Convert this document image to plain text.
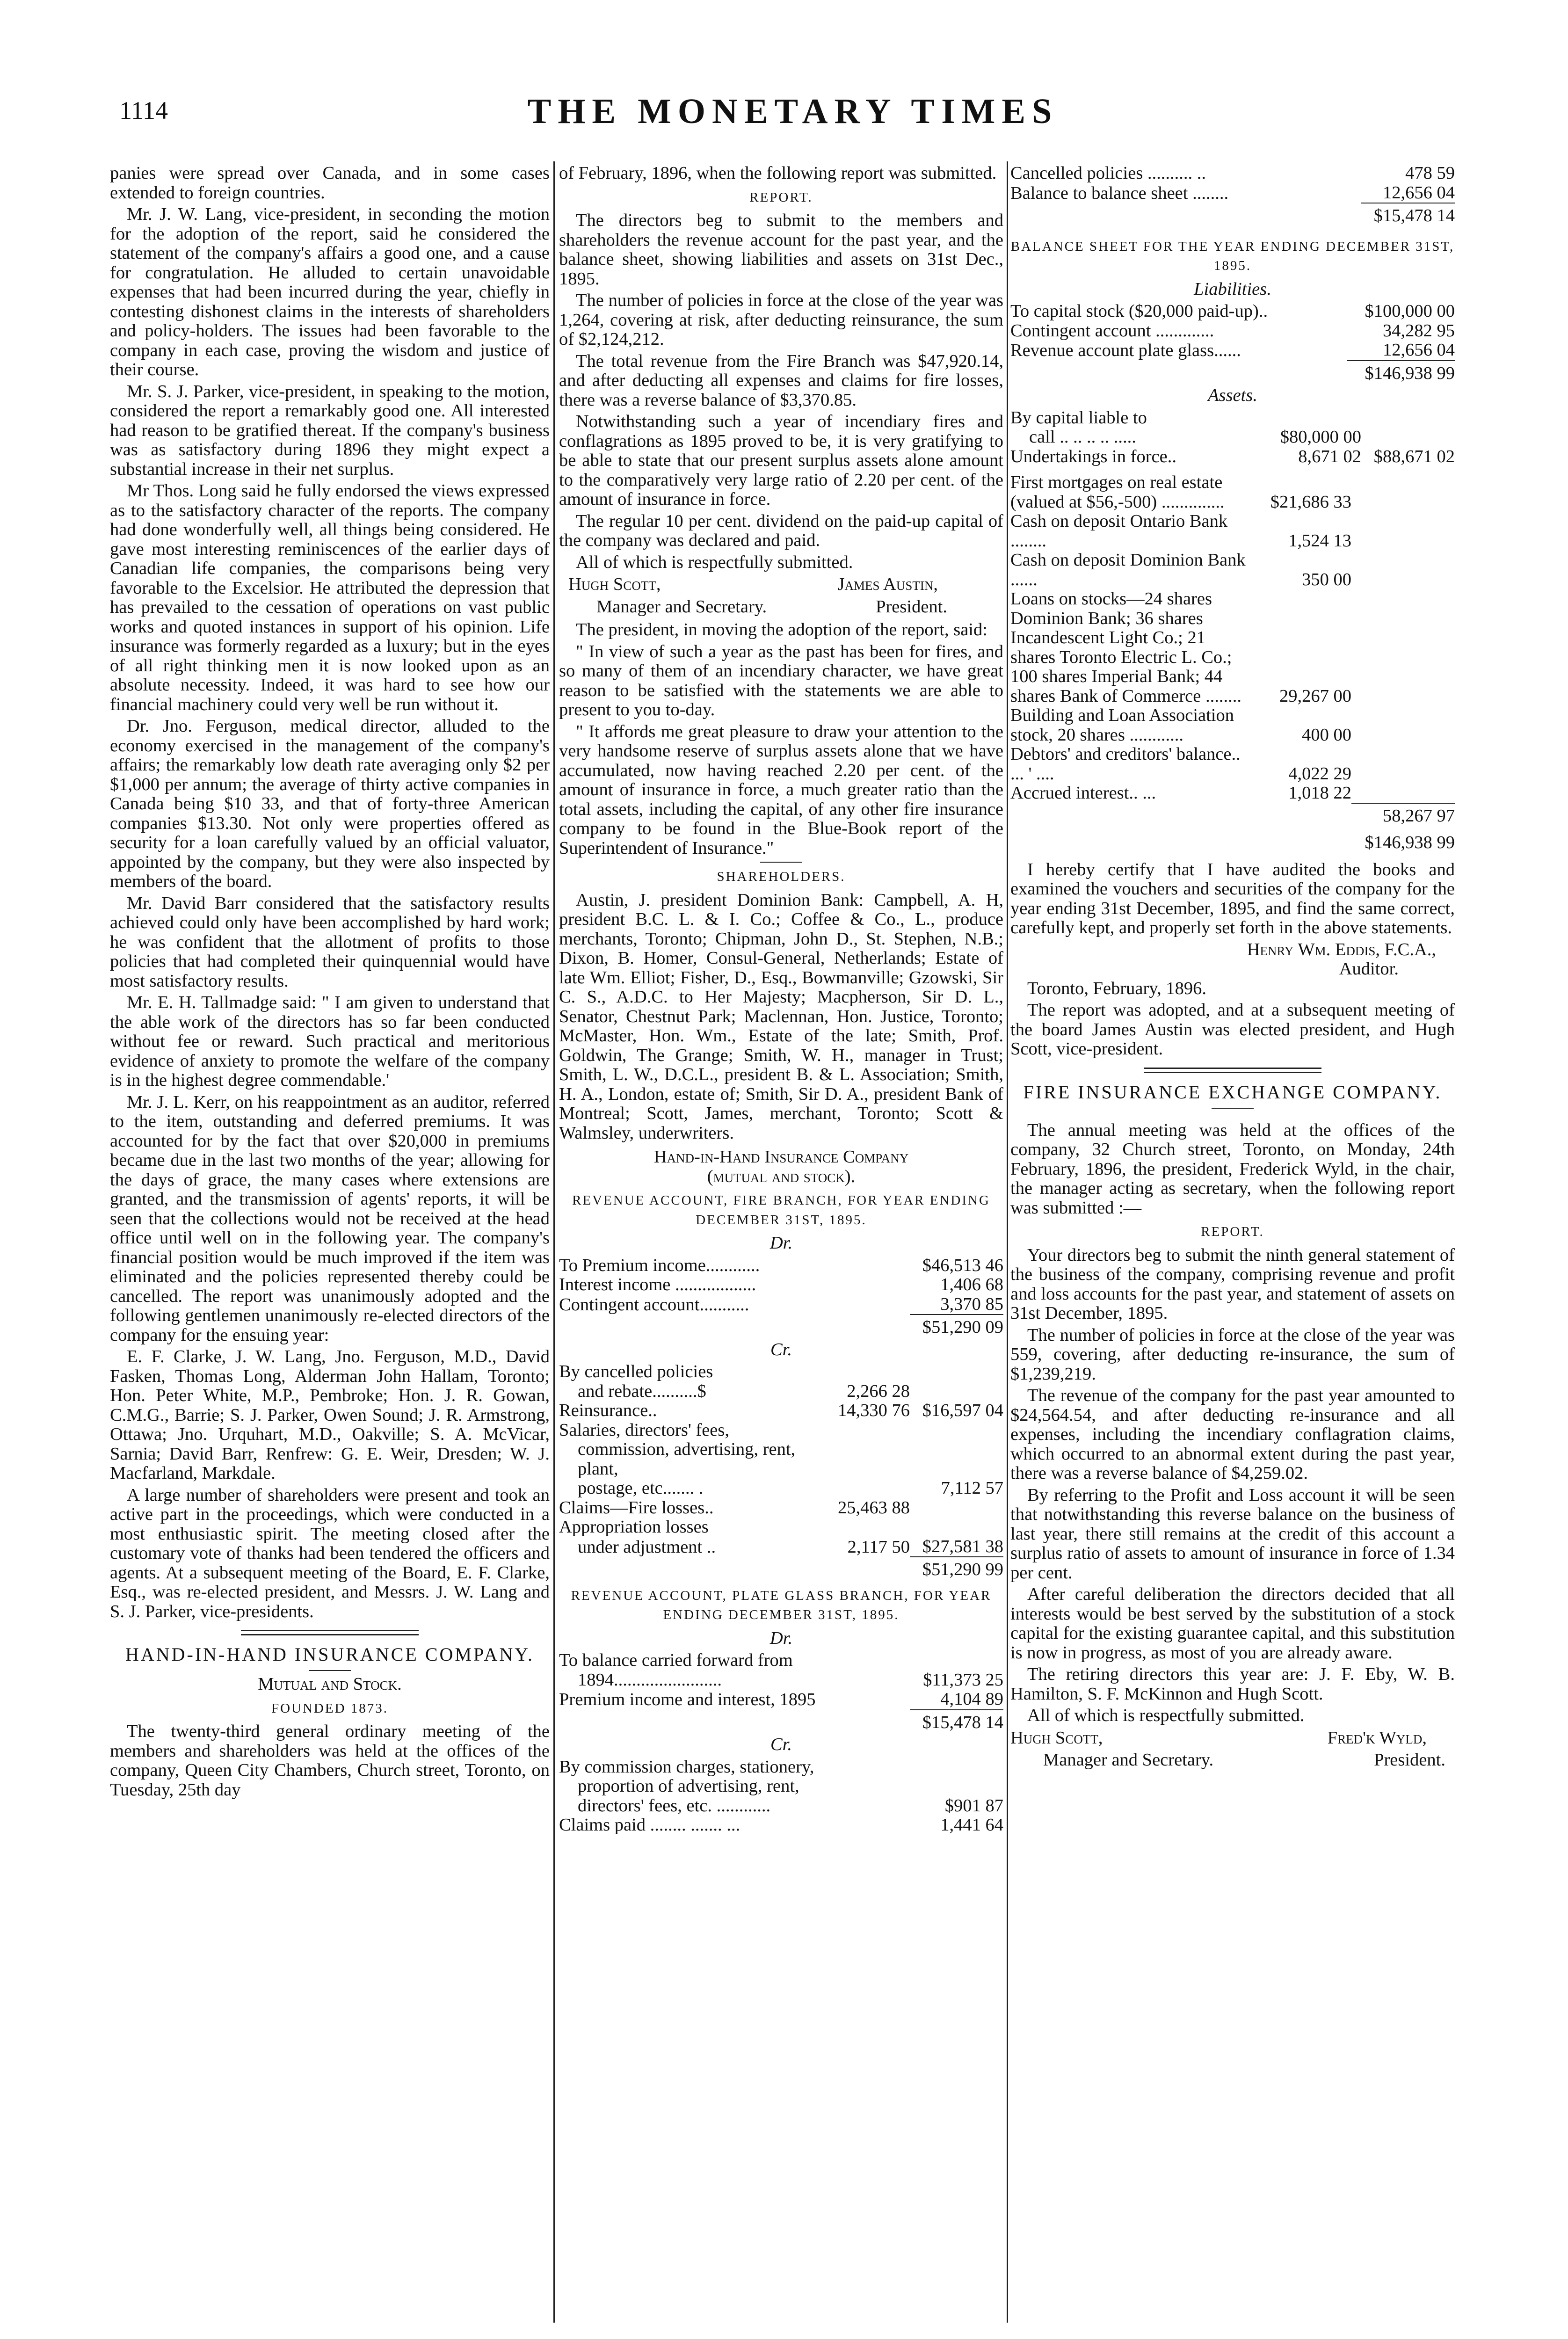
1114	THE MONETARY TIMES

panies were spread over Canada, and in some cases extended to foreign countries.

Mr. J. W. Lang, vice-president, in seconding the motion for the adoption of the report, said he considered the statement of the company's affairs a good one, and a cause for congratulation. He alluded to certain unavoidable expenses that had been incurred during the year, chiefly in contesting dishonest claims in the interests of shareholders and policy-holders. The issues had been favorable to the company in each case, proving the wisdom and justice of their course.

Mr. S. J. Parker, vice-president, in speaking to the motion, considered the report a remarkably good one. All interested had reason to be gratified thereat. If the company's business was as satisfactory during 1896 they might expect a substantial increase in their net surplus.

Mr Thos. Long said he fully endorsed the views expressed as to the satisfactory character of the reports. The company had done wonderfully well, all things being considered. He gave most interesting reminiscences of the earlier days of Canadian life companies, the comparisons being very favorable to the Excelsior. He attributed the depression that has prevailed to the cessation of operations on vast public works and quoted instances in support of his opinion. Life insurance was formerly regarded as a luxury; but in the eyes of all right thinking men it is now looked upon as an absolute necessity. Indeed, it was hard to see how our financial machinery could very well be run without it.

Dr. Jno. Ferguson, medical director, alluded to the economy exercised in the management of the company's affairs; the remarkably low death rate averaging only $2 per $1,000 per annum; the average of thirty active companies in Canada being $10 33, and that of forty-three American companies $13.30. Not only were properties offered as security for a loan carefully valued by an official valuator, appointed by the company, but they were also inspected by members of the board.

Mr. David Barr considered that the satisfactory results achieved could only have been accomplished by hard work; he was confident that the allotment of profits to those policies that had completed their quinquennial would have most satisfactory results.

Mr. E. H. Tallmadge said: " I am given to understand that the able work of the directors has so far been conducted without fee or reward. Such practical and meritorious evidence of anxiety to promote the welfare of the company is in the highest degree commendable.'

Mr. J. L. Kerr, on his reappointment as an auditor, referred to the item, outstanding and deferred premiums. It was accounted for by the fact that over $20,000 in premiums became due in the last two months of the year; allowing for the days of grace, the many cases where extensions are granted, and the transmission of agents' reports, it will be seen that the collections would not be received at the head office until well on in the following year. The company's financial position would be much improved if the item was eliminated and the policies represented thereby could be cancelled. The report was unanimously adopted and the following gentlemen unanimously re-elected directors of the company for the ensuing year:

E. F. Clarke, J. W. Lang, Jno. Ferguson, M.D., David Fasken, Thomas Long, Alderman John Hallam, Toronto; Hon. Peter White, M.P., Pembroke; Hon. J. R. Gowan, C.M.G., Barrie; S. J. Parker, Owen Sound; J. R. Armstrong, Ottawa; Jno. Urquhart, M.D., Oakville; S. A. McVicar, Sarnia; David Barr, Renfrew: G. E. Weir, Dresden; W. J. Macfarland, Markdale.

A large number of shareholders were present and took an active part in the proceedings, which were conducted in a most enthusiastic spirit. The meeting closed after the customary vote of thanks had been tendered the officers and agents. At a subsequent meeting of the Board, E. F. Clarke, Esq., was re-elected president, and Messrs. J. W. Lang and S. J. Parker, vice-presidents.

HAND-IN-HAND INSURANCE COMPANY.
Mutual and Stock.
FOUNDED 1873.

The twenty-third general ordinary meeting of the members and shareholders was held at the offices of the company, Queen City Chambers, Church street, Toronto, on Tuesday, 25th day

of February, 1896, when the following report was submitted.

REPORT.

The directors beg to submit to the members and shareholders the revenue account for the past year, and the balance sheet, showing liabilities and assets on 31st Dec., 1895.

The number of policies in force at the close of the year was 1,264, covering at risk, after deducting reinsurance, the sum of $2,124,212.

The total revenue from the Fire Branch was $47,920.14, and after deducting all expenses and claims for fire losses, there was a reverse balance of $3,370.85.

Notwithstanding such a year of incendiary fires and conflagrations as 1895 proved to be, it is very gratifying to be able to state that our present surplus assets alone amount to the comparatively very large ratio of 2.20 per cent. of the amount of insurance in force.

The regular 10 per cent. dividend on the paid-up capital of the company was declared and paid.

All of which is respectfully submitted.

Hugh Scott,	James Austin,
Manager and Secretary.	President.

The president, in moving the adoption of the report, said:

" In view of such a year as the past has been for fires, and so many of them of an incendiary character, we have great reason to be satisfied with the statements we are able to present to you to-day.

" It affords me great pleasure to draw your attention to the very handsome reserve of surplus assets alone that we have accumulated, now having reached 2.20 per cent. of the amount of insurance in force, a much greater ratio than the total assets, including the capital, of any other fire insurance company to be found in the Blue-Book report of the Superintendent of Insurance."

SHAREHOLDERS.

Austin, J. president Dominion Bank: Campbell, A. H, president B.C. L. & I. Co.; Coffee & Co., L., produce merchants, Toronto; Chipman, John D., St. Stephen, N.B.; Dixon, B. Homer, Consul-General, Netherlands; Estate of late Wm. Elliot; Fisher, D., Esq., Bowmanville; Gzowski, Sir C. S., A.D.C. to Her Majesty; Macpherson, Sir D. L., Senator, Chestnut Park; Maclennan, Hon. Justice, Toronto; McMaster, Hon. Wm., Estate of the late; Smith, Prof. Goldwin, The Grange; Smith, W. H., manager in Trust; Smith, L. W., D.C.L., president B. & L. Association; Smith, H. A., London, estate of; Smith, Sir D. A., president Bank of Montreal; Scott, James, merchant, Toronto; Scott & Walmsley, underwriters.

Hand-in-Hand Insurance Company
(mutual and stock).
REVENUE ACCOUNT, FIRE BRANCH, FOR YEAR ENDING DECEMBER 31ST, 1895.
Dr.
To Premium income............	$46,513 46
Interest income ..................	1,406 68
Contingent account...........	3,370 85
	$51,290 09
Cr.
By cancelled policies		
and rebate..........$	2,266 28	
Reinsurance..	14,330 76	$16,597 04
Salaries, directors' fees,		
commission, advertising, rent, plant,		
postage, etc....... .		7,112 57
Claims—Fire losses..	25,463 88	
Appropriation losses		
under adjustment ..	2,117 50	$27,581 38
		$51,290 99
REVENUE ACCOUNT, PLATE GLASS BRANCH, FOR YEAR ENDING DECEMBER 31ST, 1895.
Dr.
To balance carried forward from	
1894........................	$11,373 25
Premium income and interest, 1895	4,104 89
	$15,478 14
Cr.
By commission charges, stationery,	
proportion of advertising, rent,	
directors' fees, etc. ............	$901 87
Claims paid ........ ....... ...	1,441 64
Cancelled policies .......... ..	478 59
Balance to balance sheet ........	12,656 04
	$15,478 14
BALANCE SHEET FOR THE YEAR ENDING DECEMBER 31ST, 1895.
Liabilities.
To capital stock ($20,000 paid-up)..	$100,000 00
Contingent account .............	34,282 95
Revenue account plate glass......	12,656 04
	$146,938 99
Assets.
By capital liable to		
call .. .. .. .. .....	$80,000 00	
Undertakings in force..	8,671 02	$88,671 02
First mortgages on real estate (valued at $56,-500) ..............	$21,686 33	
Cash on deposit Ontario Bank ........	1,524 13	
Cash on deposit Dominion Bank ......	350 00	
Loans on stocks—24 shares Dominion Bank; 36 shares Incandescent Light Co.; 21 shares Toronto Electric L. Co.; 100 shares Imperial Bank; 44 shares Bank of Commerce ........	29,267 00	
Building and Loan Association stock, 20 shares ............	400 00	
Debtors' and creditors' balance.. ... ' ....	4,022 29	
Accrued interest.. ...	1,018 22	
		58,267 97
		$146,938 99

I hereby certify that I have audited the books and examined the vouchers and securities of the company for the year ending 31st December, 1895, and find the same correct, carefully kept, and properly set forth in the above statements.

Henry Wm. Eddis, F.C.A.,
Auditor.

Toronto, February, 1896.

The report was adopted, and at a subsequent meeting of the board James Austin was elected president, and Hugh Scott, vice-president.

FIRE INSURANCE EXCHANGE COMPANY.

The annual meeting was held at the offices of the company, 32 Church street, Toronto, on Monday, 24th February, 1896, the president, Frederick Wyld, in the chair, the manager acting as secretary, when the following report was submitted :—

REPORT.

Your directors beg to submit the ninth general statement of the business of the company, comprising revenue and profit and loss accounts for the past year, and statement of assets on 31st December, 1895.

The number of policies in force at the close of the year was 559, covering, after deducting re-insurance, the sum of $1,239,219.

The revenue of the company for the past year amounted to $24,564.54, and after deducting re-insurance and all expenses, including the incendiary conflagration claims, which occurred to an abnormal extent during the past year, there was a reverse balance of $4,259.02.

By referring to the Profit and Loss account it will be seen that notwithstanding this reverse balance on the business of last year, there still remains at the credit of this account a surplus ratio of assets to amount of insurance in force of 1.34 per cent.

After careful deliberation the directors decided that all interests would be best served by the substitution of a stock capital for the existing guarantee capital, and this substitution is now in progress, as most of you are already aware.

The retiring directors this year are: J. F. Eby, W. B. Hamilton, S. F. McKinnon and Hugh Scott.

All of which is respectfully submitted.

Hugh Scott,	Fred'k Wyld,
Manager and Secretary.	President.
